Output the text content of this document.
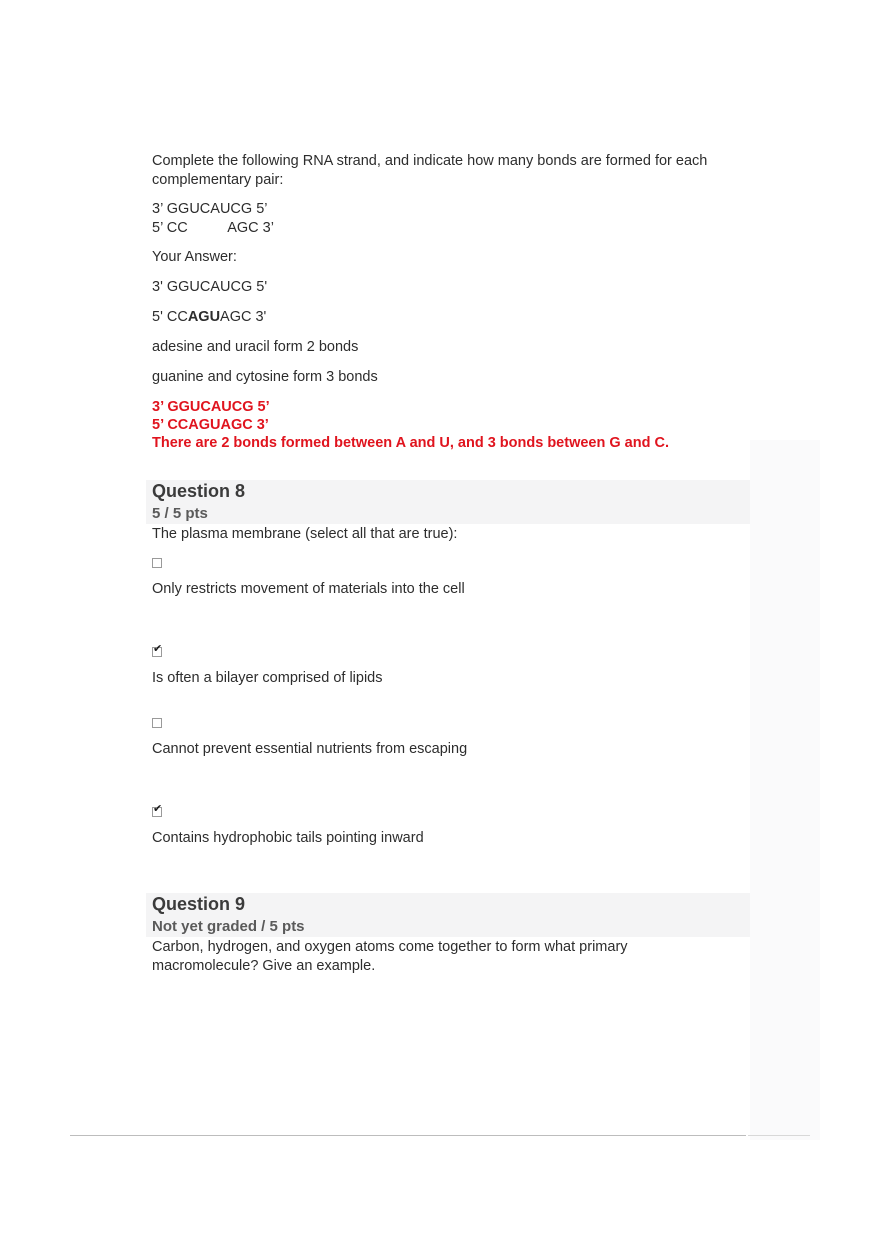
Complete the following RNA strand, and indicate how many bonds are formed for each
complementary pair:
3’ GGUCAUCG 5’
5’ CC          AGC 3’
Your Answer:
3' GGUCAUCG 5'
5' CCAGUAGC 3'
adesine and uracil form 2 bonds
guanine and cytosine form 3 bonds
3’ GGUCAUCG 5’
5’ CCAGUAGC 3’
There are 2 bonds formed between A and U, and 3 bonds between G and C.
Question 8
5 / 5 pts
The plasma membrane (select all that are true):
Only restricts movement of materials into the cell
✔
Is often a bilayer comprised of lipids
Cannot prevent essential nutrients from escaping
✔
Contains hydrophobic tails pointing inward
Question 9
Not yet graded / 5 pts
Carbon, hydrogen, and oxygen atoms come together to form what primary
macromolecule? Give an example.
